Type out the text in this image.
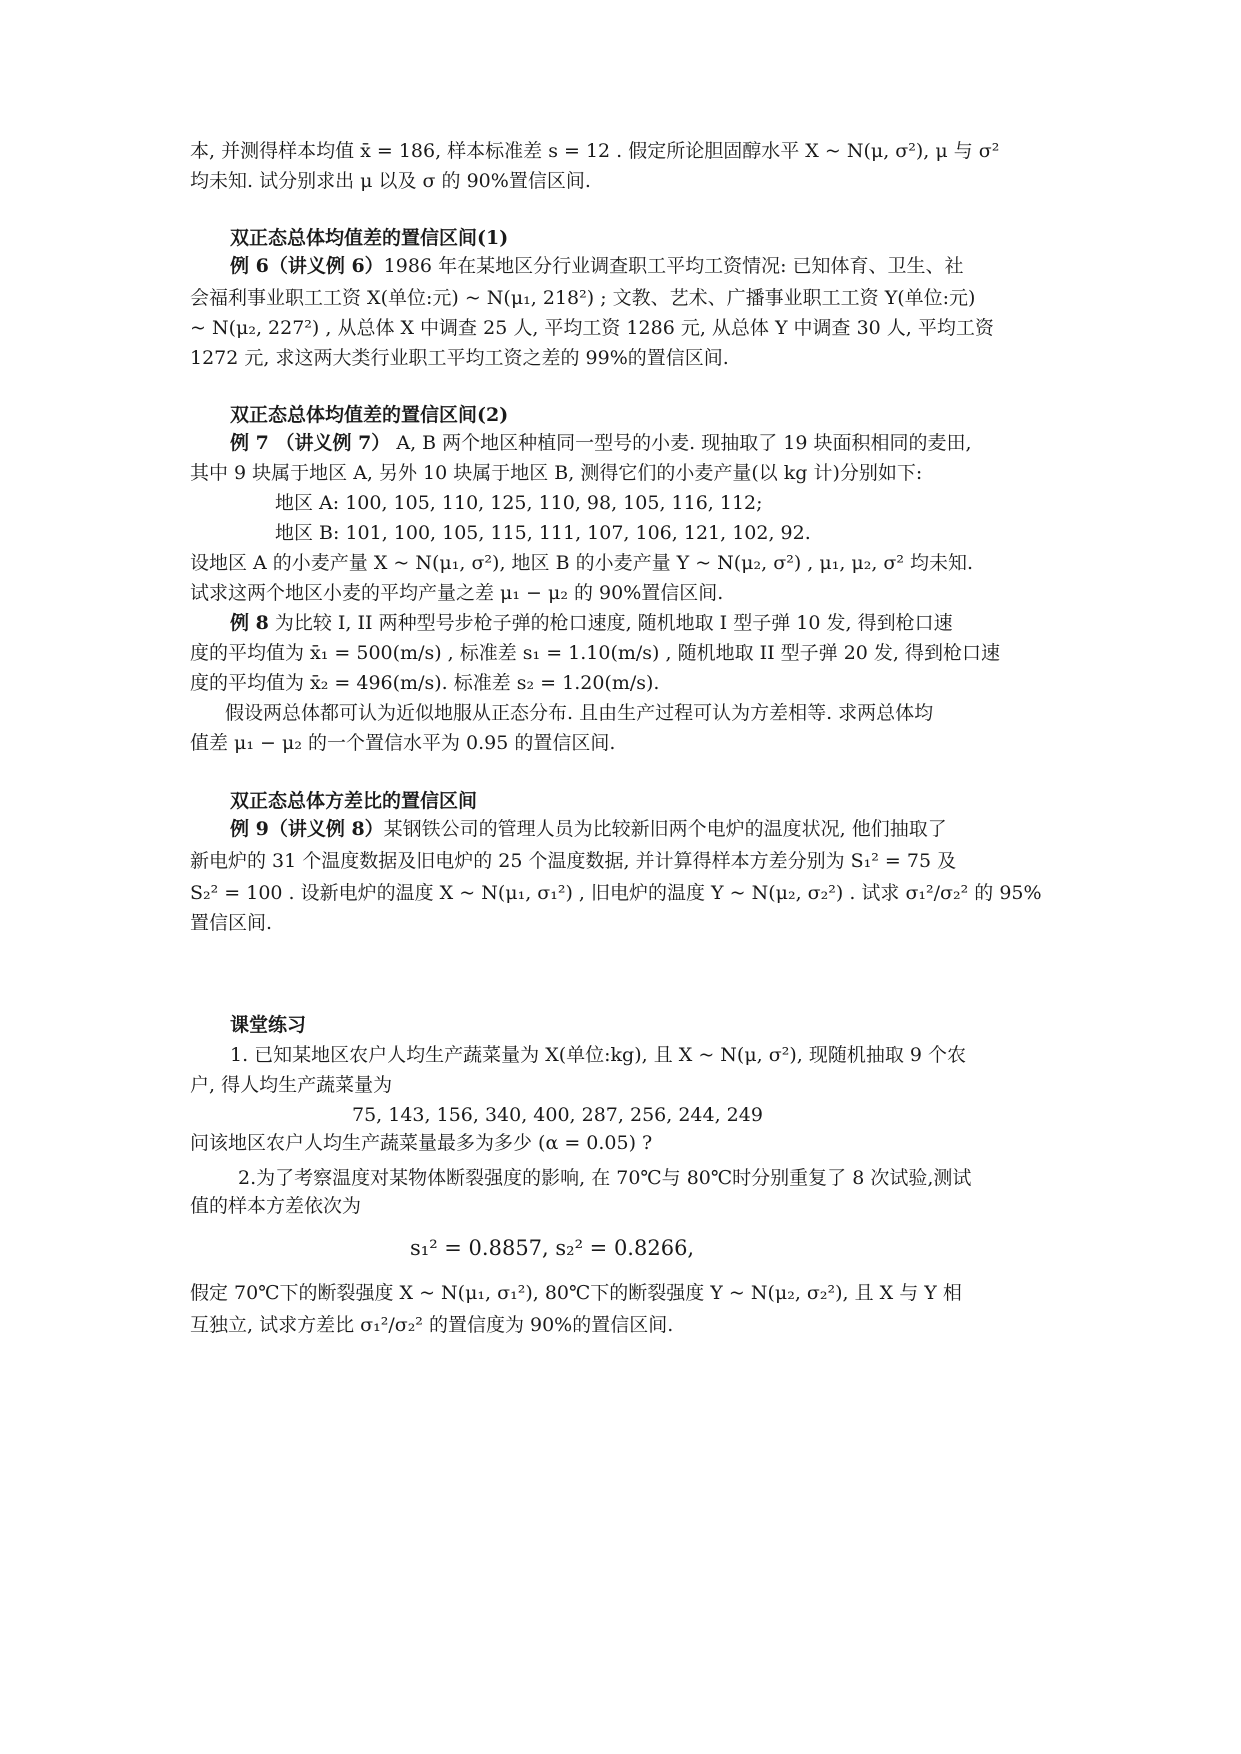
本, 并测得样本均值 x̄ = 186, 样本标准差 s = 12 . 假定所论胆固醇水平 X ~ N(μ, σ²), μ 与 σ²
均未知. 试分别求出 μ 以及 σ 的 90%置信区间.
双正态总体均值差的置信区间(1)
例 6（讲义例 6）1986 年在某地区分行业调查职工平均工资情况: 已知体育、卫生、社
会福利事业职工工资 X(单位:元) ~ N(μ₁, 218²) ; 文教、艺术、广播事业职工工资 Y(单位:元)
~ N(μ₂, 227²) , 从总体 X 中调查 25 人, 平均工资 1286 元, 从总体 Y 中调查 30 人, 平均工资
1272 元, 求这两大类行业职工平均工资之差的 99%的置信区间.
双正态总体均值差的置信区间(2)
例 7 （讲义例 7） A, B 两个地区种植同一型号的小麦. 现抽取了 19 块面积相同的麦田,
其中 9 块属于地区 A, 另外 10 块属于地区 B, 测得它们的小麦产量(以 kg 计)分别如下:
地区 A: 100, 105, 110, 125, 110, 98, 105, 116, 112;
地区 B: 101, 100, 105, 115, 111, 107, 106, 121, 102, 92.
设地区 A 的小麦产量 X ~ N(μ₁, σ²), 地区 B 的小麦产量 Y ~ N(μ₂, σ²) , μ₁, μ₂, σ² 均未知.
试求这两个地区小麦的平均产量之差 μ₁ − μ₂ 的 90%置信区间.
例 8 为比较 I, II 两种型号步枪子弹的枪口速度, 随机地取 I 型子弹 10 发, 得到枪口速
度的平均值为 x̄₁ = 500(m/s) , 标准差 s₁ = 1.10(m/s) , 随机地取 II 型子弹 20 发, 得到枪口速
度的平均值为 x̄₂ = 496(m/s). 标准差 s₂ = 1.20(m/s).
假设两总体都可认为近似地服从正态分布. 且由生产过程可认为方差相等. 求两总体均
值差 μ₁ − μ₂ 的一个置信水平为 0.95 的置信区间.
双正态总体方差比的置信区间
例 9（讲义例 8）某钢铁公司的管理人员为比较新旧两个电炉的温度状况, 他们抽取了
新电炉的 31 个温度数据及旧电炉的 25 个温度数据, 并计算得样本方差分别为 S₁² = 75 及
S₂² = 100 . 设新电炉的温度 X ~ N(μ₁, σ₁²) , 旧电炉的温度 Y ~ N(μ₂, σ₂²) . 试求 σ₁²/σ₂² 的 95%
置信区间.
课堂练习
1. 已知某地区农户人均生产蔬菜量为 X(单位:kg), 且 X ~ N(μ, σ²), 现随机抽取 9 个农
户, 得人均生产蔬菜量为
75, 143, 156, 340, 400, 287, 256, 244, 249
问该地区农户人均生产蔬菜量最多为多少 (α = 0.05) ?
2.为了考察温度对某物体断裂强度的影响, 在 70℃与 80℃时分别重复了 8 次试验,测试
值的样本方差依次为
s₁² = 0.8857, s₂² = 0.8266,
假定 70℃下的断裂强度 X ~ N(μ₁, σ₁²), 80℃下的断裂强度 Y ~ N(μ₂, σ₂²), 且 X 与 Y 相
互独立, 试求方差比 σ₁²/σ₂² 的置信度为 90%的置信区间.
